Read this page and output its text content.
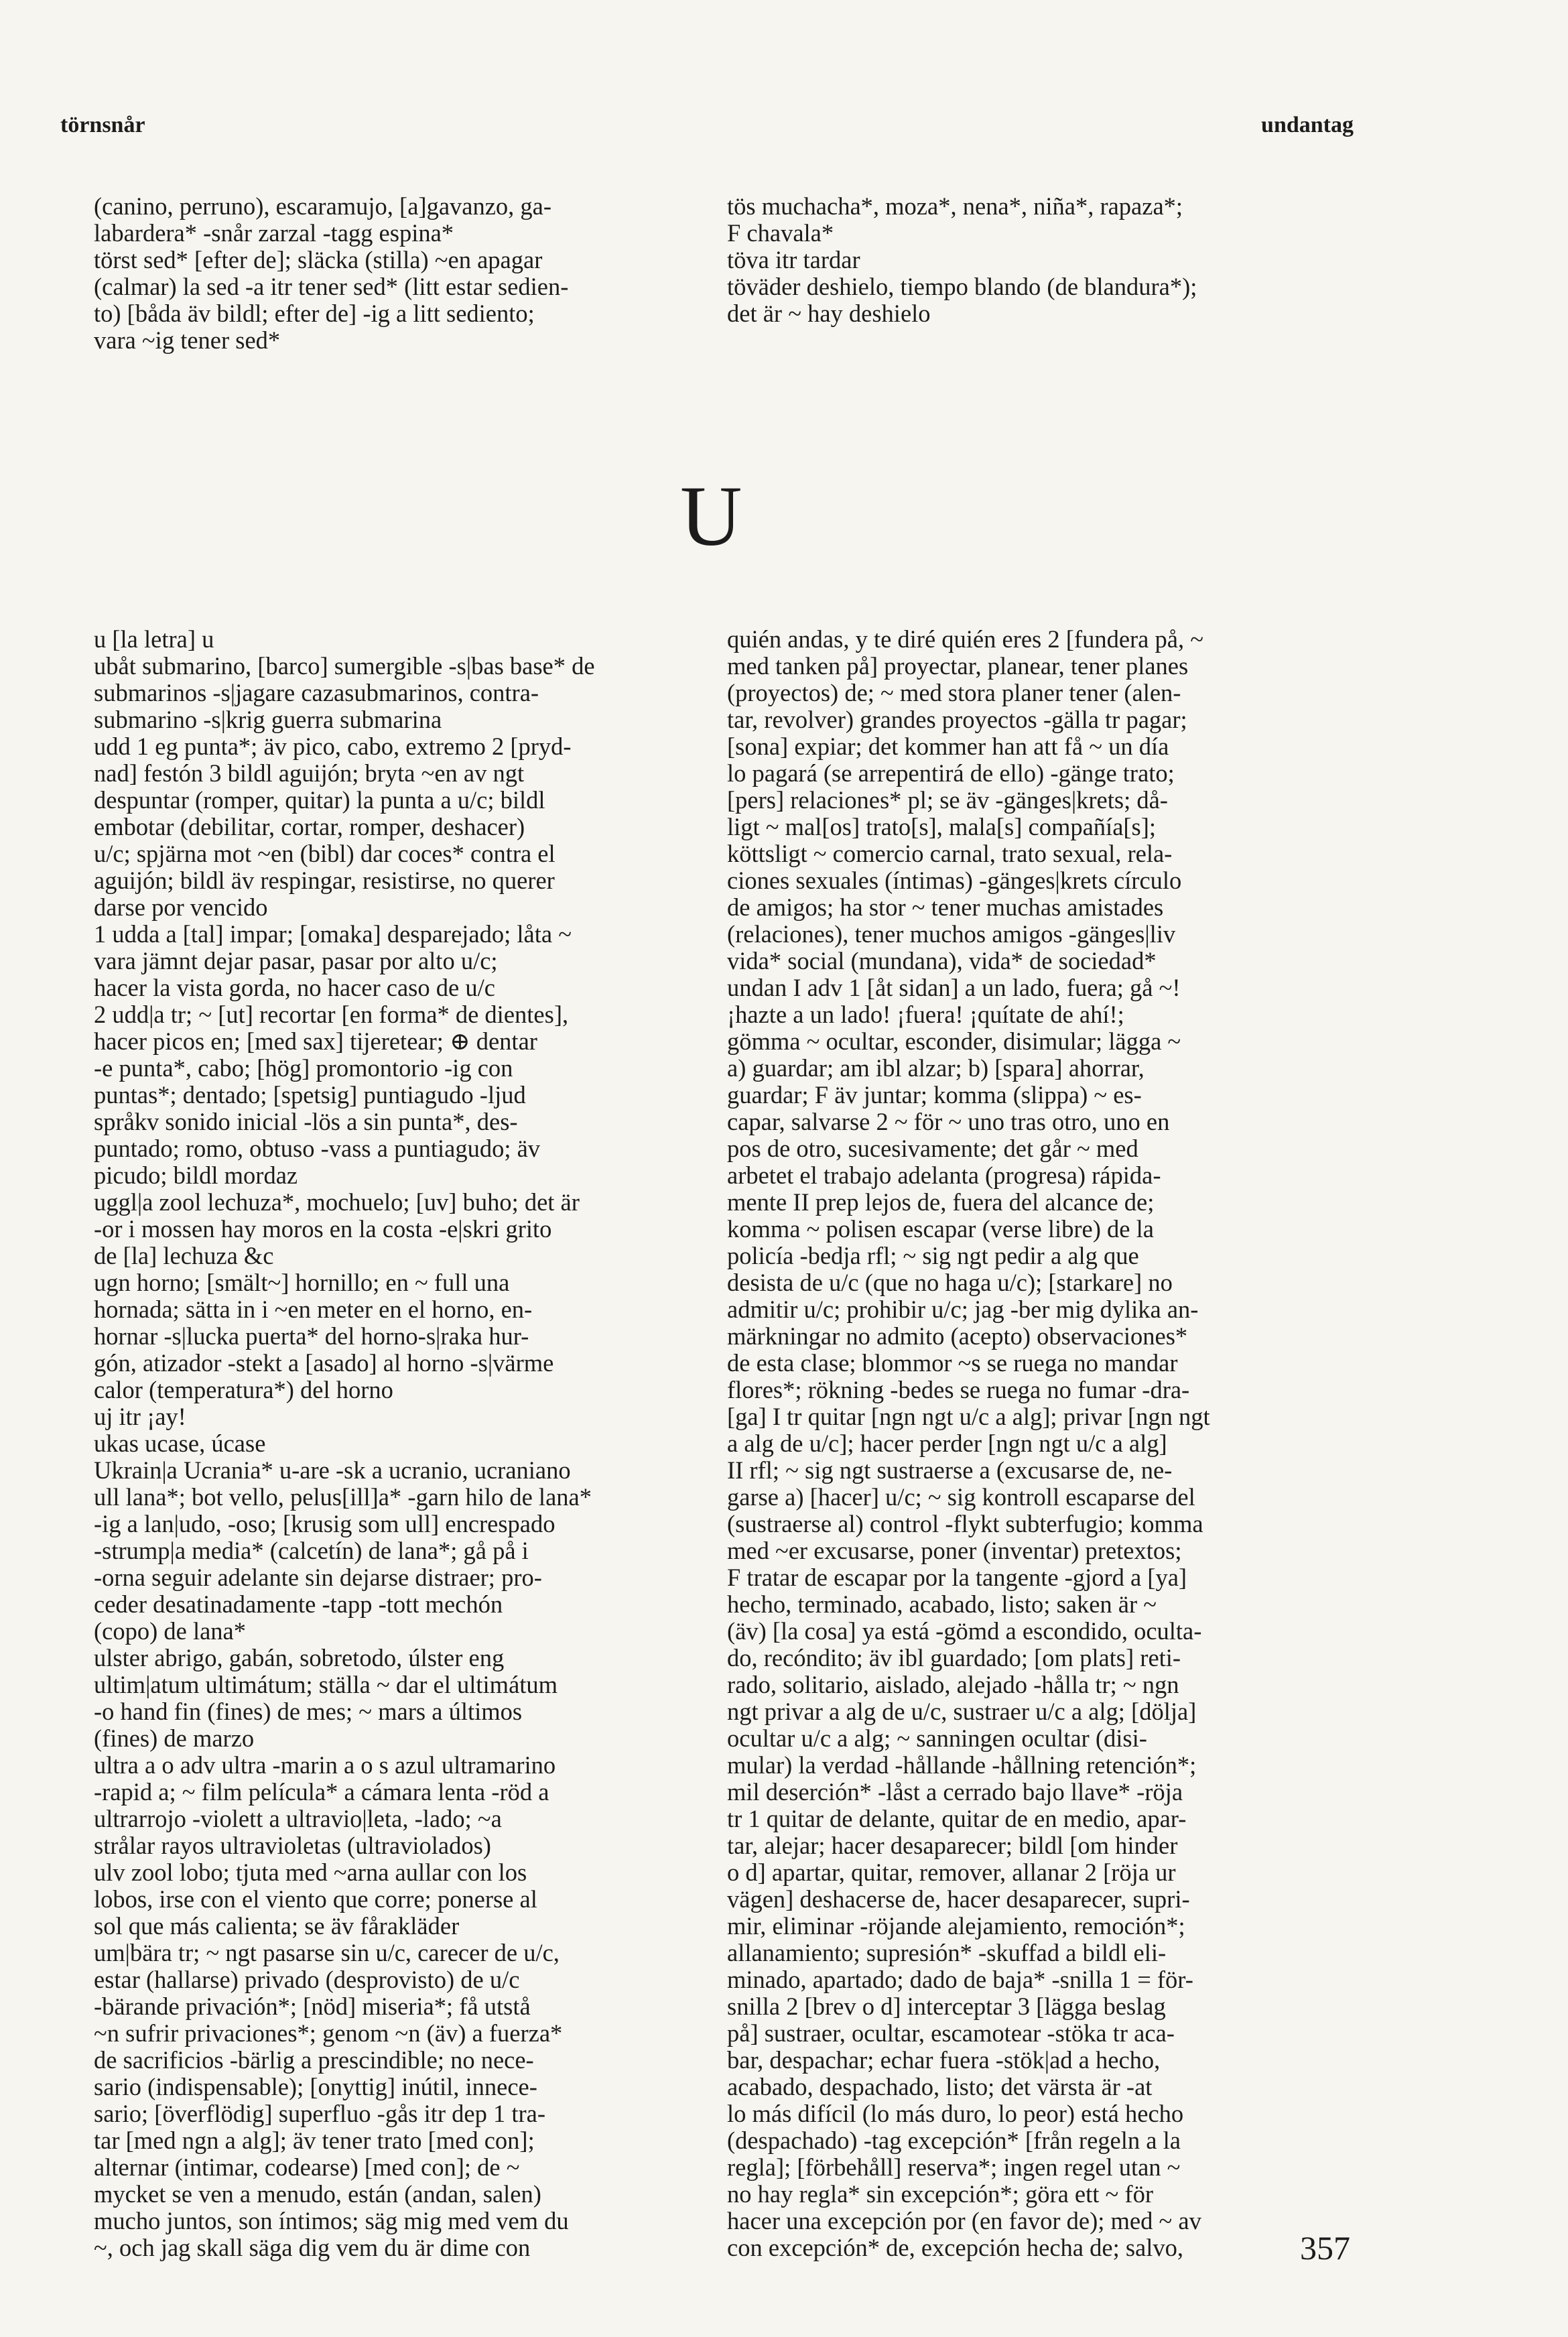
törnsnår	undantag

(canino, perruno), escaramujo, [a]gavanzo, ga-

labardera* -snår zarzal -tagg espina*

törst sed* [efter de]; släcka (stilla) ~en apagar

(calmar) la sed -a itr tener sed* (litt estar sedien-

to) [båda äv bildl; efter de] -ig a litt sediento;

vara ~ig tener sed*

tös muchacha*, moza*, nena*, niña*, rapaza*;

F chavala*

töva itr tardar

töväder deshielo, tiempo blando (de blandura*);

det är ~ hay deshielo

U

u [la letra] u

ubåt submarino, [barco] sumergible -s|bas base* de

submarinos -s|jagare cazasubmarinos, contra-

submarino -s|krig guerra submarina

udd 1 eg punta*; äv pico, cabo, extremo 2 [pryd-

nad] festón 3 bildl aguijón; bryta ~en av ngt

despuntar (romper, quitar) la punta a u/c; bildl

embotar (debilitar, cortar, romper, deshacer)

u/c; spjärna mot ~en (bibl) dar coces* contra el

aguijón; bildl äv respingar, resistirse, no querer

darse por vencido

1 udda a [tal] impar; [omaka] desparejado; låta ~

vara jämnt dejar pasar, pasar por alto u/c;

hacer la vista gorda, no hacer caso de u/c

2 udd|a tr; ~ [ut] recortar [en forma* de dientes],

hacer picos en; [med sax] tijeretear; ⊕ dentar

-e punta*, cabo; [hög] promontorio -ig con

puntas*; dentado; [spetsig] puntiagudo -ljud

språkv sonido inicial -lös a sin punta*, des-

puntado; romo, obtuso -vass a puntiagudo; äv

picudo; bildl mordaz

uggl|a zool lechuza*, mochuelo; [uv] buho; det är

-or i mossen hay moros en la costa -e|skri grito

de [la] lechuza &c

ugn horno; [smält~] hornillo; en ~ full una

hornada; sätta in i ~en meter en el horno, en-

hornar -s|lucka puerta* del horno-s|raka hur-

gón, atizador -stekt a [asado] al horno -s|värme

calor (temperatura*) del horno

uj itr ¡ay!

ukas ucase, úcase

Ukrain|a Ucrania* u-are -sk a ucranio, ucraniano

ull lana*; bot vello, pelus[ill]a* -garn hilo de lana*

-ig a lan|udo, -oso; [krusig som ull] encrespado

-strump|a media* (calcetín) de lana*; gå på i

-orna seguir adelante sin dejarse distraer; pro-

ceder desatinadamente -tapp -tott mechón

(copo) de lana*

ulster abrigo, gabán, sobretodo, úlster eng

ultim|atum ultimátum; ställa ~ dar el ultimátum

-o hand fin (fines) de mes; ~ mars a últimos

(fines) de marzo

ultra a o adv ultra -marin a o s azul ultramarino

-rapid a; ~ film película* a cámara lenta -röd a

ultrarrojo -violett a ultravio|leta, -lado; ~a

strålar rayos ultravioletas (ultraviolados)

ulv zool lobo; tjuta med ~arna aullar con los

lobos, irse con el viento que corre; ponerse al

sol que más calienta; se äv fårakläder

um|bära tr; ~ ngt pasarse sin u/c, carecer de u/c,

estar (hallarse) privado (desprovisto) de u/c

-bärande privación*; [nöd] miseria*; få utstå

~n sufrir privaciones*; genom ~n (äv) a fuerza*

de sacrificios -bärlig a prescindible; no nece-

sario (indispensable); [onyttig] inútil, innece-

sario; [överflödig] superfluo -gås itr dep 1 tra-

tar [med ngn a alg]; äv tener trato [med con];

alternar (intimar, codearse) [med con]; de ~

mycket se ven a menudo, están (andan, salen)

mucho juntos, son íntimos; säg mig med vem du

~, och jag skall säga dig vem du är dime con

quién andas, y te diré quién eres 2 [fundera på, ~

med tanken på] proyectar, planear, tener planes

(proyectos) de; ~ med stora planer tener (alen-

tar, revolver) grandes proyectos -gälla tr pagar;

[sona] expiar; det kommer han att få ~ un día

lo pagará (se arrepentirá de ello) -gänge trato;

[pers] relaciones* pl; se äv -gänges|krets; då-

ligt ~ mal[os] trato[s], mala[s] compañía[s];

köttsligt ~ comercio carnal, trato sexual, rela-

ciones sexuales (íntimas) -gänges|krets círculo

de amigos; ha stor ~ tener muchas amistades

(relaciones), tener muchos amigos -gänges|liv

vida* social (mundana), vida* de sociedad*

undan I adv 1 [åt sidan] a un lado, fuera; gå ~!

¡hazte a un lado! ¡fuera! ¡quítate de ahí!;

gömma ~ ocultar, esconder, disimular; lägga ~

a) guardar; am ibl alzar; b) [spara] ahorrar,

guardar; F äv juntar; komma (slippa) ~ es-

capar, salvarse 2 ~ för ~ uno tras otro, uno en

pos de otro, sucesivamente; det går ~ med

arbetet el trabajo adelanta (progresa) rápida-

mente II prep lejos de, fuera del alcance de;

komma ~ polisen escapar (verse libre) de la

policía -bedja rfl; ~ sig ngt pedir a alg que

desista de u/c (que no haga u/c); [starkare] no

admitir u/c; prohibir u/c; jag -ber mig dylika an-

märkningar no admito (acepto) observaciones*

de esta clase; blommor ~s se ruega no mandar

flores*; rökning -bedes se ruega no fumar -dra-

[ga] I tr quitar [ngn ngt u/c a alg]; privar [ngn ngt

a alg de u/c]; hacer perder [ngn ngt u/c a alg]

II rfl; ~ sig ngt sustraerse a (excusarse de, ne-

garse a) [hacer] u/c; ~ sig kontroll escaparse del

(sustraerse al) control -flykt subterfugio; komma

med ~er excusarse, poner (inventar) pretextos;

F tratar de escapar por la tangente -gjord a [ya]

hecho, terminado, acabado, listo; saken är ~

(äv) [la cosa] ya está -gömd a escondido, oculta-

do, recóndito; äv ibl guardado; [om plats] reti-

rado, solitario, aislado, alejado -hålla tr; ~ ngn

ngt privar a alg de u/c, sustraer u/c a alg; [dölja]

ocultar u/c a alg; ~ sanningen ocultar (disi-

mular) la verdad -hållande -hållning retención*;

mil deserción* -låst a cerrado bajo llave* -röja

tr 1 quitar de delante, quitar de en medio, apar-

tar, alejar; hacer desaparecer; bildl [om hinder

o d] apartar, quitar, remover, allanar 2 [röja ur

vägen] deshacerse de, hacer desaparecer, supri-

mir, eliminar -röjande alejamiento, remoción*;

allanamiento; supresión* -skuffad a bildl eli-

minado, apartado; dado de baja* -snilla 1 = för-

snilla 2 [brev o d] interceptar 3 [lägga beslag

på] sustraer, ocultar, escamotear -stöka tr aca-

bar, despachar; echar fuera -stök|ad a hecho,

acabado, despachado, listo; det värsta är -at

lo más difícil (lo más duro, lo peor) está hecho

(despachado) -tag excepción* [från regeln a la

regla]; [förbehåll] reserva*; ingen regel utan ~

no hay regla* sin excepción*; göra ett ~ för

hacer una excepción por (en favor de); med ~ av

con excepción* de, excepción hecha de; salvo,	357
